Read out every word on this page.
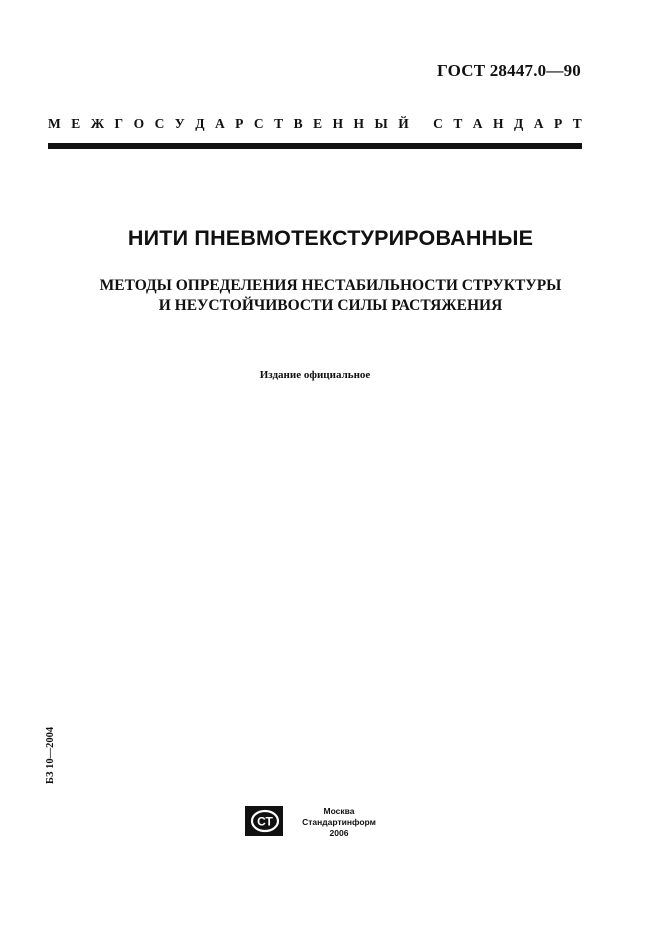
ГОСТ 28447.0—90
М Е Ж Г О С У Д А Р С Т В Е Н Н Ы Й
С Т А Н Д А Р Т
НИТИ ПНЕВМОТЕКСТУРИРОВАННЫЕ
МЕТОДЫ ОПРЕДЕЛЕНИЯ НЕСТАБИЛЬНОСТИ СТРУКТУРЫ
И НЕУСТОЙЧИВОСТИ СИЛЫ РАСТЯЖЕНИЯ
Издание официальное
БЗ 10—2004
СТ
Москва
Стандартинформ
2006
